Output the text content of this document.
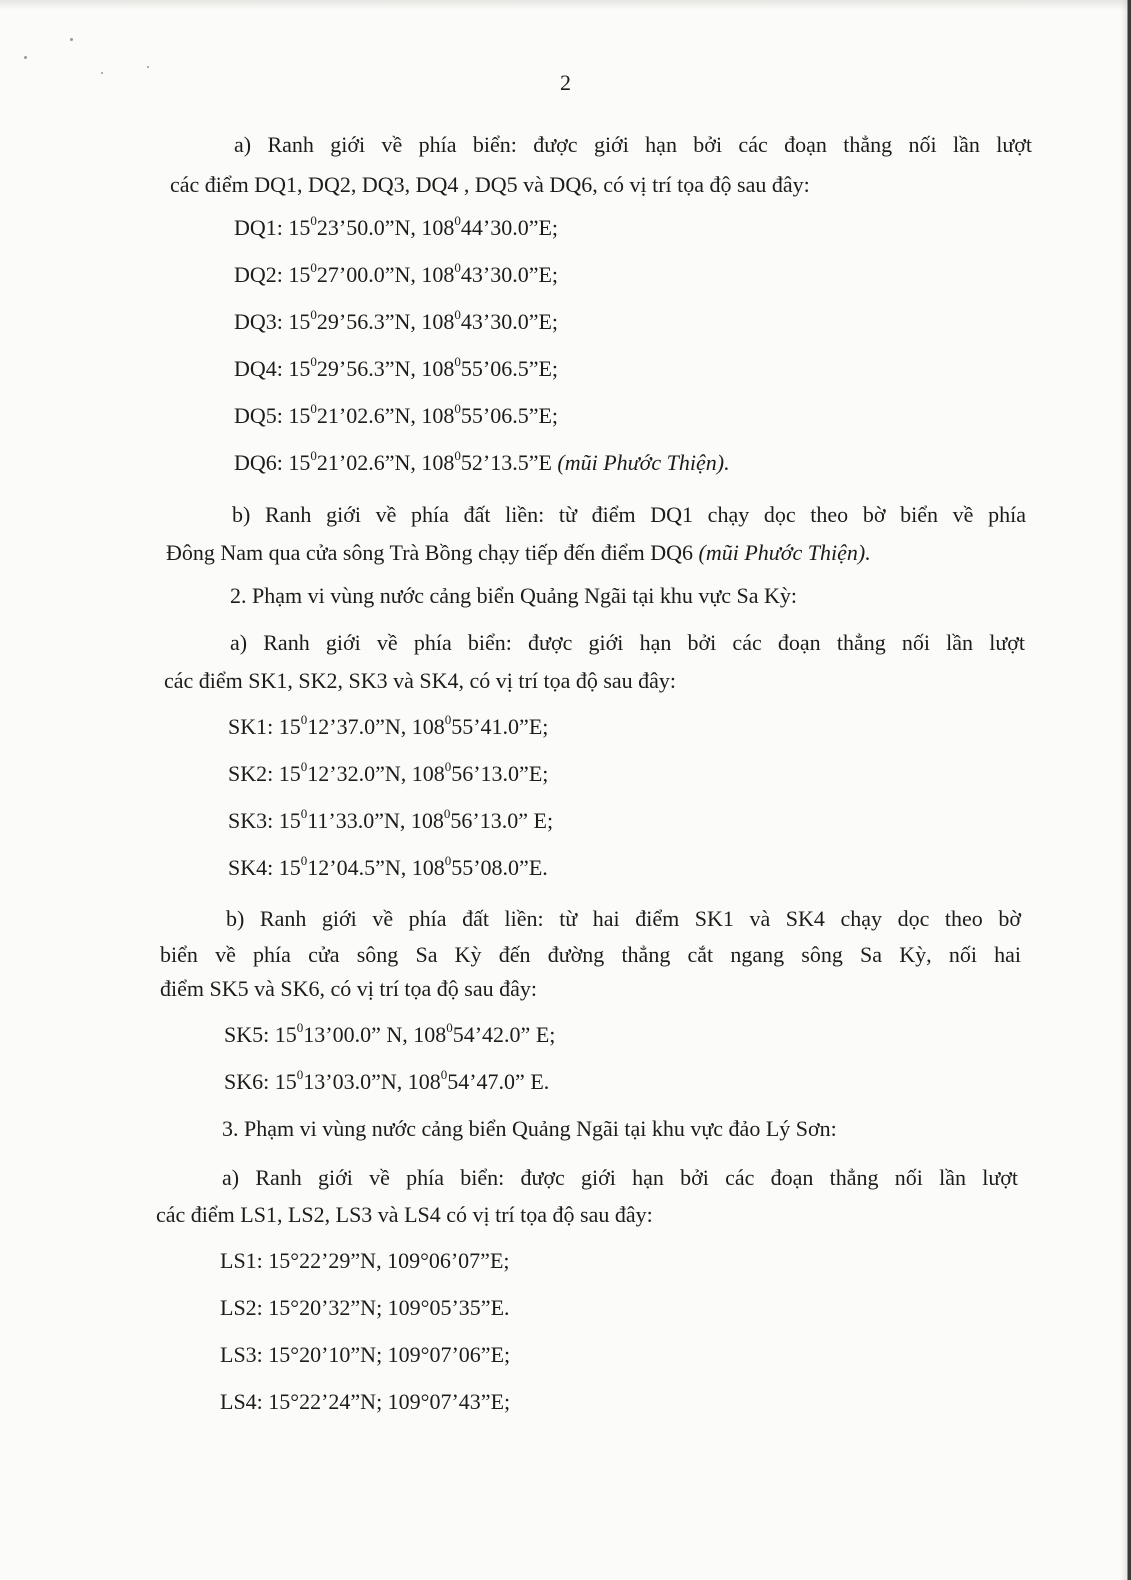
2
a) Ranh giới về phía biển: được giới hạn bởi các đoạn thẳng nối lần lượt
các điểm DQ1, DQ2, DQ3, DQ4 , DQ5 và DQ6, có vị trí tọa độ sau đây:
DQ1: $15^023’50.0”N$, $108^044’30.0”E$;
DQ2: $15^027’00.0”N$, $108^043’30.0”E$;
DQ3: $15^029’56.3”N$, $108^043’30.0”E$;
DQ4: $15^029’56.3”N$, $108^055’06.5”E$;
DQ5: $15^021’02.6”N$, $108^055’06.5”E$;
DQ6: $15^021’02.6”N$, $108^052’13.5”E$ (mũi Phước Thiện).
b) Ranh giới về phía đất liền: từ điểm DQ1 chạy dọc theo bờ biển về phía
Đông Nam qua cửa sông Trà Bồng chạy tiếp đến điểm DQ6 (mũi Phước Thiện).
2. Phạm vi vùng nước cảng biển Quảng Ngãi tại khu vực Sa Kỳ:
a) Ranh giới về phía biển: được giới hạn bởi các đoạn thẳng nối lần lượt
các điểm SK1, SK2, SK3 và SK4, có vị trí tọa độ sau đây:
SK1: $15^012’37.0”N$, $108^055’41.0”E$;
SK2: $15^012’32.0”N$, $108^056’13.0”E$;
SK3: $15^011’33.0”N$, $108^056’13.0$” E;
SK4: $15^012’04.5”N$, $108^055’08.0”E$.
b) Ranh giới về phía đất liền: từ hai điểm SK1 và SK4 chạy dọc theo bờ
biển về phía cửa sông Sa Kỳ đến đường thẳng cắt ngang sông Sa Kỳ, nối hai
điểm SK5 và SK6, có vị trí tọa độ sau đây:
SK5: $15^013’00.0$” N, $108^054’42.0$” E;
SK6: $15^013’03.0”N$, $108^054’47.0$” E.
3. Phạm vi vùng nước cảng biển Quảng Ngãi tại khu vực đảo Lý Sơn:
a) Ranh giới về phía biển: được giới hạn bởi các đoạn thẳng nối lần lượt
các điểm LS1, LS2, LS3 và LS4 có vị trí tọa độ sau đây:
LS1: 15°22’29”N, 109°06’07”E;
LS2: 15°20’32”N; 109°05’35”E.
LS3: 15°20’10”N; 109°07’06”E;
LS4: 15°22’24”N; 109°07’43”E;
